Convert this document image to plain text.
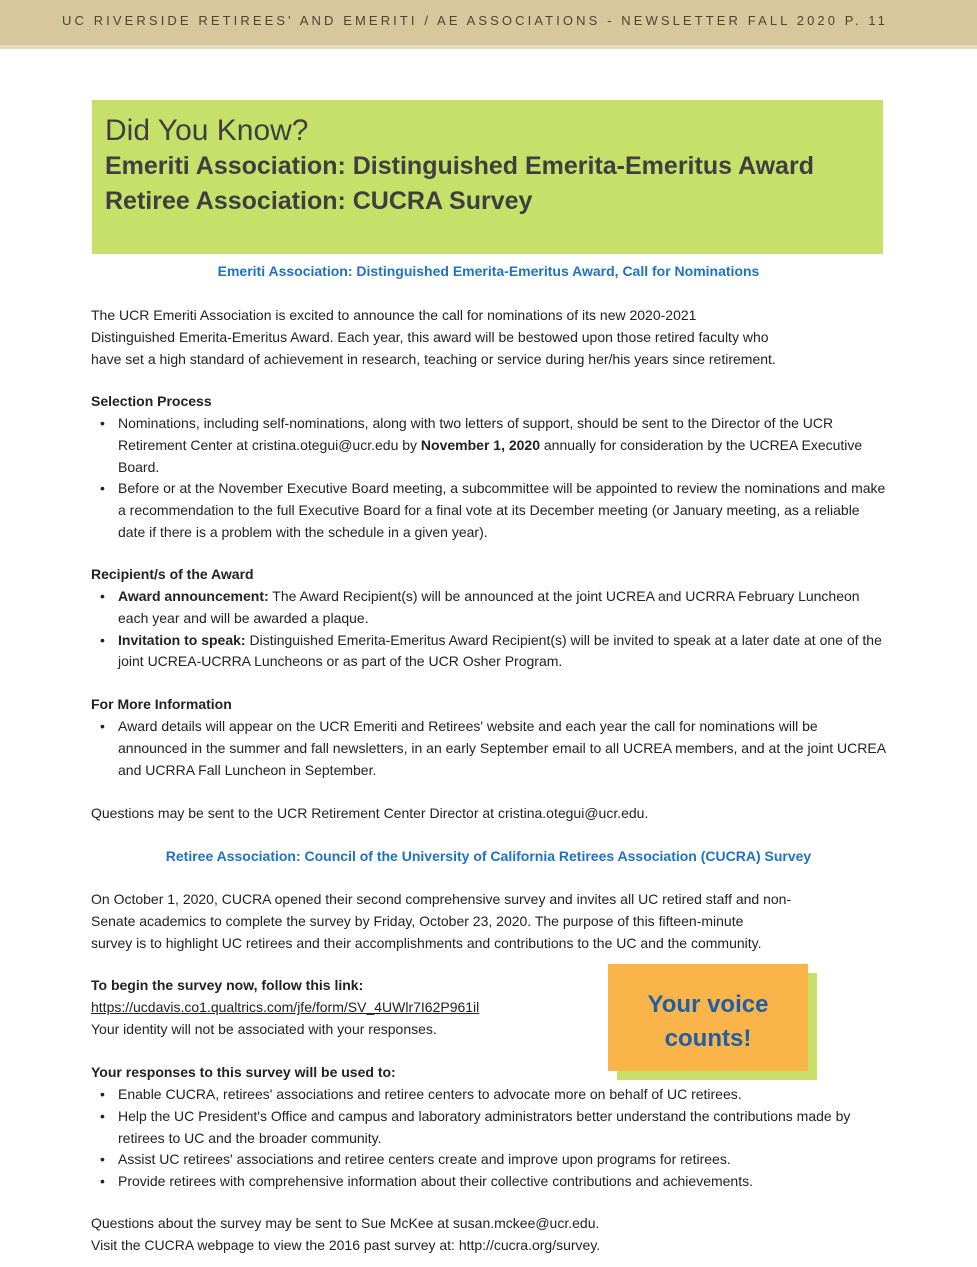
UC RIVERSIDE RETIREES' AND EMERITI / AE ASSOCIATIONS - NEWSLETTER FALL 2020 P. 11
Did You Know?
Emeriti Association: Distinguished Emerita-Emeritus Award
Retiree Association: CUCRA Survey
Emeriti Association: Distinguished Emerita-Emeritus Award, Call for Nominations

The UCR Emeriti Association is excited to announce the call for nominations of its new 2020-2021

Distinguished Emerita-Emeritus Award. Each year, this award will be bestowed upon those retired faculty who

have set a high standard of achievement in research, teaching or service during her/his years since retirement.

Selection Process
• Nominations, including self-nominations, along with two letters of support, should be sent to the Director of the UCR Retirement Center at cristina.otegui@ucr.edu by November 1, 2020 annually for consideration by the UCREA Executive Board.
• Before or at the November Executive Board meeting, a subcommittee will be appointed to review the nominations and make a recommendation to the full Executive Board for a final vote at its December meeting (or January meeting, as a reliable date if there is a problem with the schedule in a given year).
Recipient/s of the Award
• Award announcement: The Award Recipient(s) will be announced at the joint UCREA and UCRRA February Luncheon each year and will be awarded a plaque.
• Invitation to speak: Distinguished Emerita-Emeritus Award Recipient(s) will be invited to speak at a later date at one of the joint UCREA-UCRRA Luncheons or as part of the UCR Osher Program.
For More Information
• Award details will appear on the UCR Emeriti and Retirees' website and each year the call for nominations will be announced in the summer and fall newsletters, in an early September email to all UCREA members, and at the joint UCREA and UCRRA Fall Luncheon in September.
Questions may be sent to the UCR Retirement Center Director at cristina.otegui@ucr.edu.
Retiree Association: Council of the University of California Retirees Association (CUCRA) Survey

On October 1, 2020, CUCRA opened their second comprehensive survey and invites all UC retired staff and non-

Senate academics to complete the survey by Friday, October 23, 2020. The purpose of this fifteen-minute

survey is to highlight UC retirees and their accomplishments and contributions to the UC and the community.

To begin the survey now, follow this link:

https://ucdavis.co1.qualtrics.com/jfe/form/SV_4UWlr7I62P961il

Your identity will not be associated with your responses.

Your voice
counts!
Your responses to this survey will be used to:
• Enable CUCRA, retirees' associations and retiree centers to advocate more on behalf of UC retirees.
• Help the UC President's Office and campus and laboratory administrators better understand the contributions made by retirees to UC and the broader community.
• Assist UC retirees' associations and retiree centers create and improve upon programs for retirees.
• Provide retirees with comprehensive information about their collective contributions and achievements.

Questions about the survey may be sent to Sue McKee at susan.mckee@ucr.edu.

Visit the CUCRA webpage to view the 2016 past survey at: http://cucra.org/survey.
